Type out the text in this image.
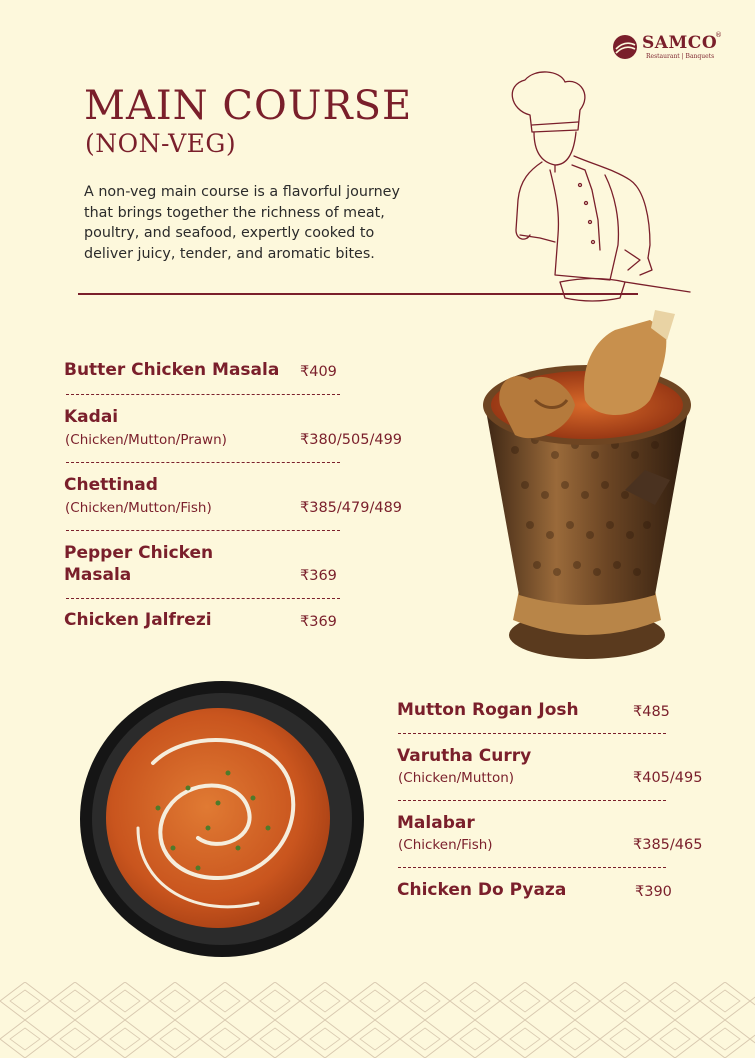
SAMCO
®
Restaurant | Banquets
MAIN COURSE
(NON-VEG)
A non-veg main course is a flavorful journey
that brings together the richness of meat,
poultry, and seafood, expertly cooked to
deliver juicy, tender, and aromatic bites.
Butter Chicken Masala ₹409
Kadai
(Chicken/Mutton/Prawn)	₹380/505/499
Chettinad
(Chicken/Mutton/Fish)	₹385/479/489
Pepper Chicken
Masala	₹369
Chicken Jalfrezi	₹369
Mutton Rogan Josh	₹485
Varutha Curry
(Chicken/Mutton)	₹405/495
Malabar
(Chicken/Fish)	₹385/465
Chicken Do Pyaza	₹390
